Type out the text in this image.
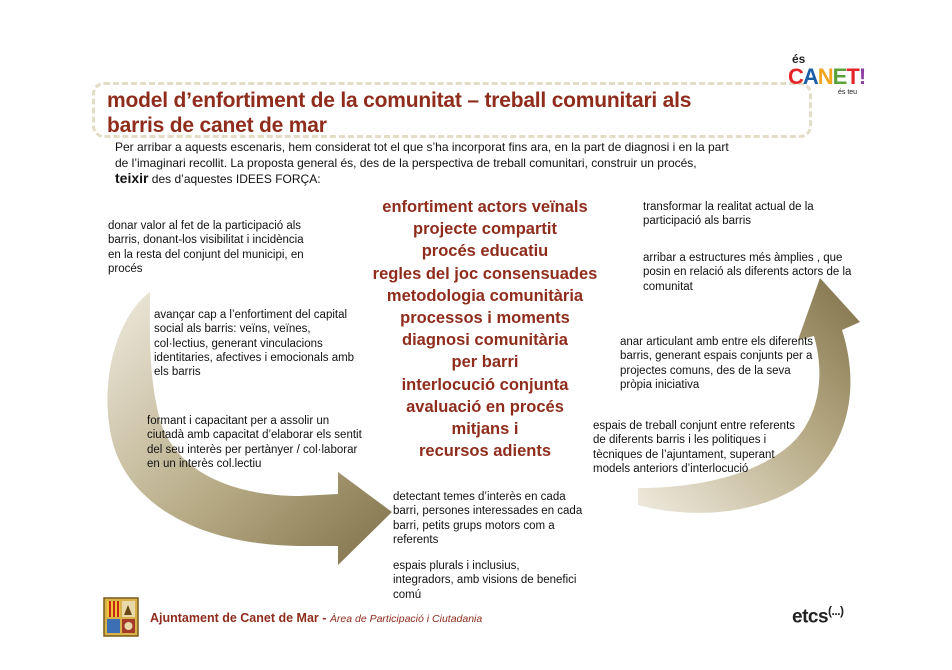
model d’enfortiment de la comunitat – treball comunitari als
barris de canet de mar
és
CANET!
és teu
Per arribar a aquests escenaris, hem considerat tot el que s’ha incorporat fins ara, en la part de diagnosi i en la part
de l’imaginari recollit. La proposta general és, des de la perspectiva de treball comunitari, construir un procés,
teixir des d’aquestes IDEES FORÇA:
donar valor al fet de la participació als barris, donant-los visibilitat i incidència en la resta del conjunt del municipi, en procés
avançar cap a l’enfortiment del capital social als barris: veïns, veïnes, col·lectius, generant vinculacions identitaries, afectives i emocionals amb els barris
formant i capacitant per a assolir un ciutadà amb capacitat d’elaborar els sentit del seu interès per pertànyer / col·laborar en un interès col.lectiu
detectant temes d’interès en cada barri, persones interessades en cada barri, petits grups motors com a referents
espais plurals i inclusius, integradors, amb visions de benefici comú
transformar la realitat actual de la participació als barris
arribar a estructures més àmplies , que posin en relació als diferents actors de la comunitat
anar articulant amb entre els diferents barris, generant espais conjunts per a projectes comuns, des de la seva pròpia iniciativa
espais de treball conjunt entre referents de diferents barris i les politiques i tècniques de l’ajuntament, superant models anteriors d’interlocució
enfortiment actors veïnals
projecte compartit
procés educatiu
regles del joc consensuades
metodologia comunitària
processos i moments
diagnosi comunitària
per barri
interlocució conjunta
avaluació en procés
mitjans i
recursos adients
Ajuntament de Canet de Mar - Àrea de Participació i Ciutadania	etcs(...)
